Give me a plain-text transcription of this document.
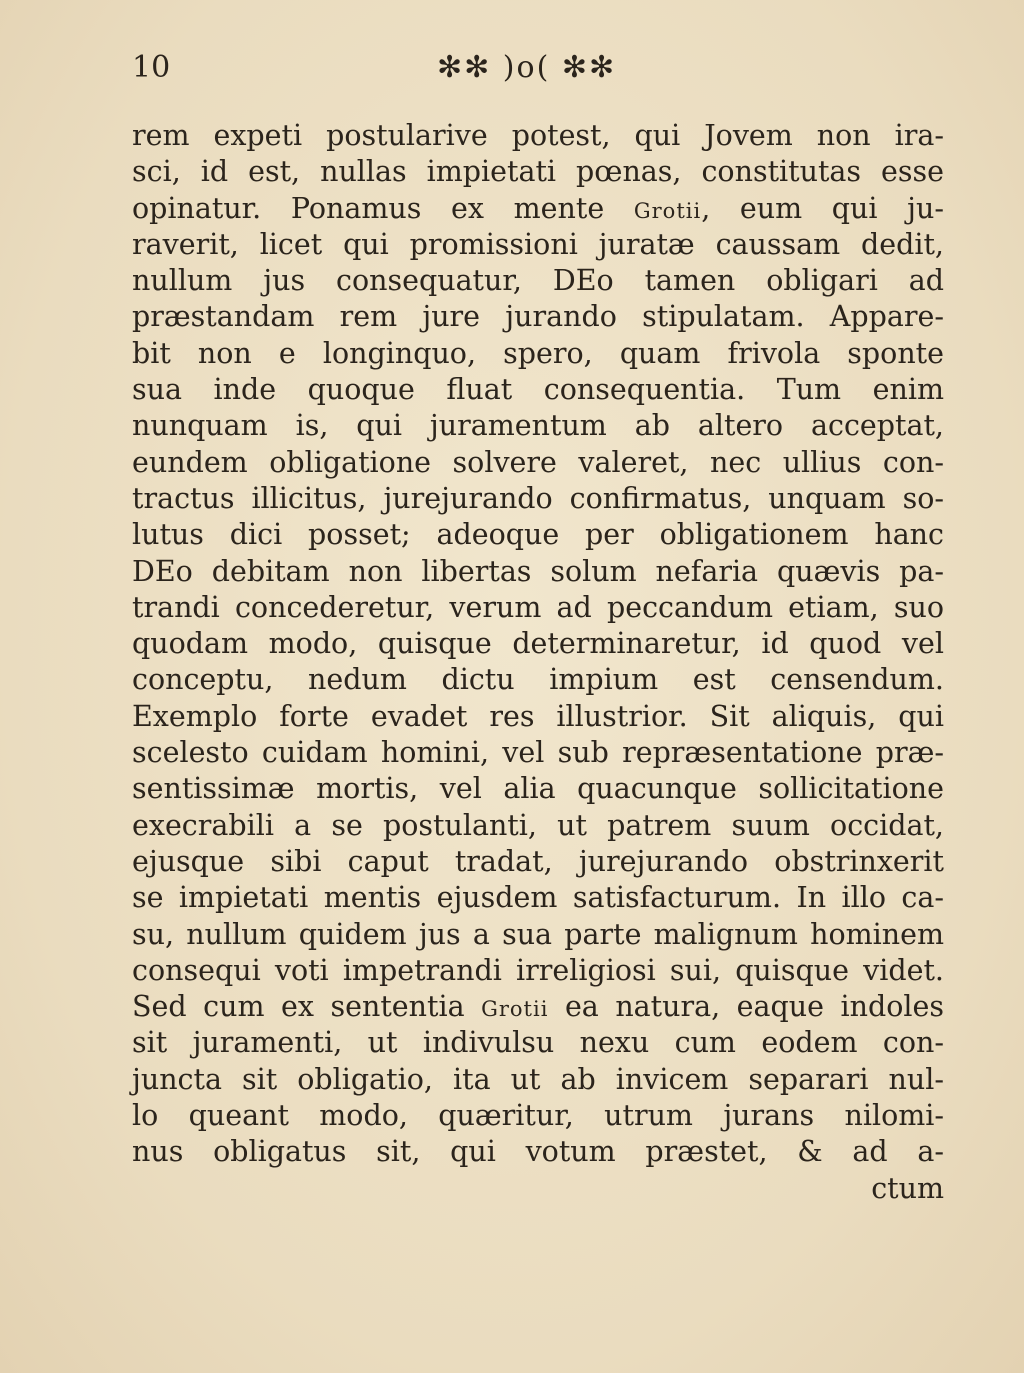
10	✻✻ )o( ✻✻
rem expeti postularive potest, qui Jovem non ira-
sci, id est, nullas impietati pœnas, constitutas esse
opinatur. Ponamus ex mente Grotii, eum qui ju-
raverit, licet qui promissioni juratæ caussam dedit,
nullum jus consequatur, DEo tamen obligari ad
præstandam rem jure jurando stipulatam. Appare-
bit non e longinquo, spero, quam frivola sponte
sua inde quoque fluat consequentia. Tum enim
nunquam is, qui juramentum ab altero acceptat,
eundem obligatione solvere valeret, nec ullius con-
tractus illicitus, jurejurando confirmatus, unquam so-
lutus dici posset; adeoque per obligationem hanc
DEo debitam non libertas solum nefaria quævis pa-
trandi concederetur, verum ad peccandum etiam, suo
quodam modo, quisque determinaretur, id quod vel
conceptu, nedum dictu impium est censendum.
Exemplo forte evadet res illustrior. Sit aliquis, qui
scelesto cuidam homini, vel sub repræsentatione præ-
sentissimæ mortis, vel alia quacunque sollicitatione
execrabili a se postulanti, ut patrem suum occidat,
ejusque sibi caput tradat, jurejurando obstrinxerit
se impietati mentis ejusdem satisfacturum. In illo ca-
su, nullum quidem jus a sua parte malignum hominem
consequi voti impetrandi irreligiosi sui, quisque videt.
Sed cum ex sententia Grotii ea natura, eaque indoles
sit juramenti, ut indivulsu nexu cum eodem con-
juncta sit obligatio, ita ut ab invicem separari nul-
lo queant modo, quæritur, utrum jurans nilomi-
nus obligatus sit, qui votum præstet, & ad a-
ctum
